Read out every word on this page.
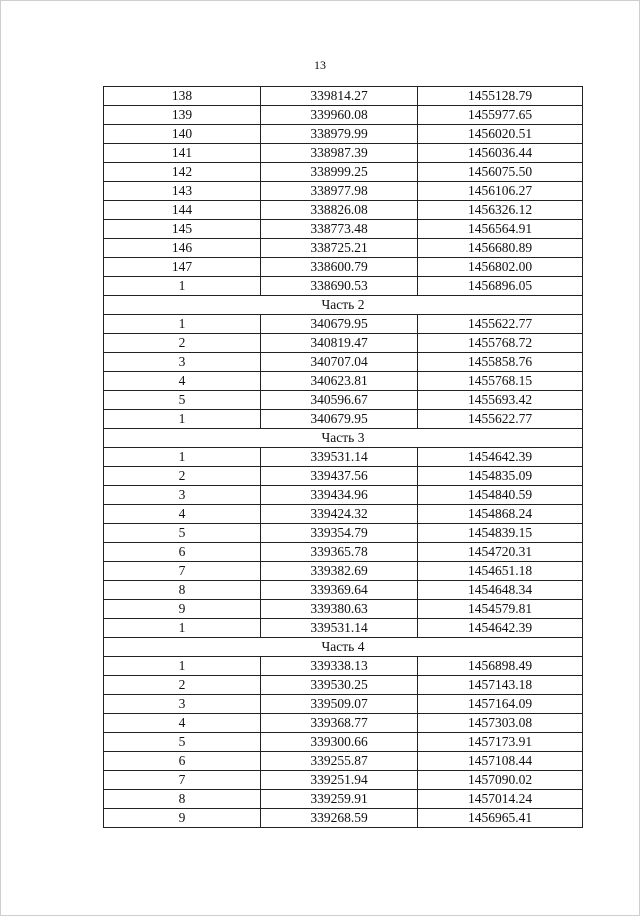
13
138	339814.27	1455128.79
139	339960.08	1455977.65
140	338979.99	1456020.51
141	338987.39	1456036.44
142	338999.25	1456075.50
143	338977.98	1456106.27
144	338826.08	1456326.12
145	338773.48	1456564.91
146	338725.21	1456680.89
147	338600.79	1456802.00
1	338690.53	1456896.05
Часть 2		
1	340679.95	1455622.77
2	340819.47	1455768.72
3	340707.04	1455858.76
4	340623.81	1455768.15
5	340596.67	1455693.42
1	340679.95	1455622.77
Часть 3		
1	339531.14	1454642.39
2	339437.56	1454835.09
3	339434.96	1454840.59
4	339424.32	1454868.24
5	339354.79	1454839.15
6	339365.78	1454720.31
7	339382.69	1454651.18
8	339369.64	1454648.34
9	339380.63	1454579.81
1	339531.14	1454642.39
Часть 4		
1	339338.13	1456898.49
2	339530.25	1457143.18
3	339509.07	1457164.09
4	339368.77	1457303.08
5	339300.66	1457173.91
6	339255.87	1457108.44
7	339251.94	1457090.02
8	339259.91	1457014.24
9	339268.59	1456965.41
